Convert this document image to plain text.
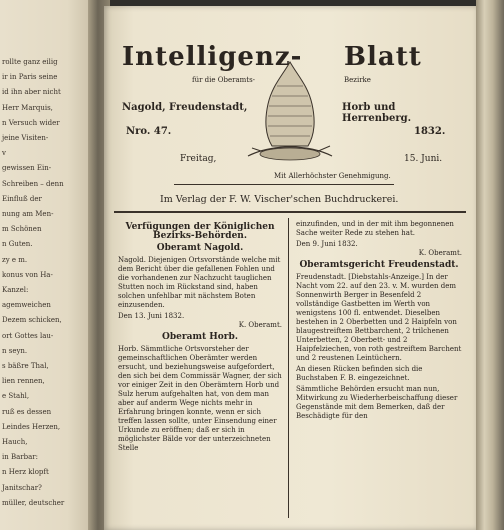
rollte ganz eilig
ir in Paris seine
id ihn aber nicht
Herr Marquis,
n Versuch wider
jeine Visiten-
v
gewissen Ein-
Schreiben – denn
Einfluß der
nung am Men-
m Schönen
n Guten.
zy e m.
konus von Ha-
Kanzel:
agemweichen
Dezem schicken,
ort Gottes lau-
n seyn.
s bäßre Thal,
lien rennen,
e Stahl,
ruß es dessen
Leindes Herzen,
Hauch,
in Barbar:
n Herz klopft
Janitschar?
müller, deutscher
Intelligenz- Blatt
für die Oberamts-	Bezirke
Nagold, Freudenstadt,	Horb und Herrenberg.
Nro. 47.	1832.
Freitag,	15. Juni.
Mit Allerhöchster Genehmigung.
Im Verlag der F. W. Vischer'schen Buchdruckerei.
Verfügungen der Königlichen Bezirks-Behörden.
Oberamt Nagold.

Nagold. Diejenigen Ortsvorstände welche mit dem Bericht über die gefallenen Fohlen und die vorhandenen zur Nachzucht tauglichen Stutten noch im Rückstand sind, haben solchen unfehlbar mit nächstem Boten einzusenden.

Den 13. Juni 1832.
K. Oberamt.
Oberamt Horb.

Horb. Sämmtliche Ortsvorsteher der gemeinschaftlichen Oberämter werden ersucht, und beziehungsweise aufgefordert, den sich bei dem Commissär Wagner, der sich vor einiger Zeit in den Oberämtern Horb und Sulz herum aufgehalten hat, von dem man aber auf anderm Wege nichts mehr in Erfahrung bringen konnte, wenn er sich treffen lassen sollte, unter Einsendung einer Urkunde zu eröffnen; daß er sich in möglichster Bälde vor der unterzeichneten Stelle

einzufinden, und in der mit ihm begonnenen Sache weiter Rede zu stehen hat.

Den 9. Juni 1832.
K. Oberamt.
Oberamtsgericht Freudenstadt.

Freudenstadt. [Diebstahls-Anzeige.] In der Nacht vom 22. auf den 23. v. M. wurden dem Sonnenwirth Berger in Besenfeld 2 vollständige Gastbetten im Werth von wenigstens 100 fl. entwendet. Dieselben bestehen in 2 Oberbetten und 2 Haipfeln von blaugestreiftem Bettbarchent, 2 trilchenen Unterbetten, 2 Oberbett- und 2 Haipfelziechen, von roth gestreiftem Barchent und 2 reustenen Leintüchern.

An diesen Rücken befinden sich die Buchstaben F. B. eingezeichnet.

Sämmtliche Behörden ersucht man nun, Mitwirkung zu Wiederherbeischaffung dieser Gegenstände mit dem Bemerken, daß der Beschädigte für den
